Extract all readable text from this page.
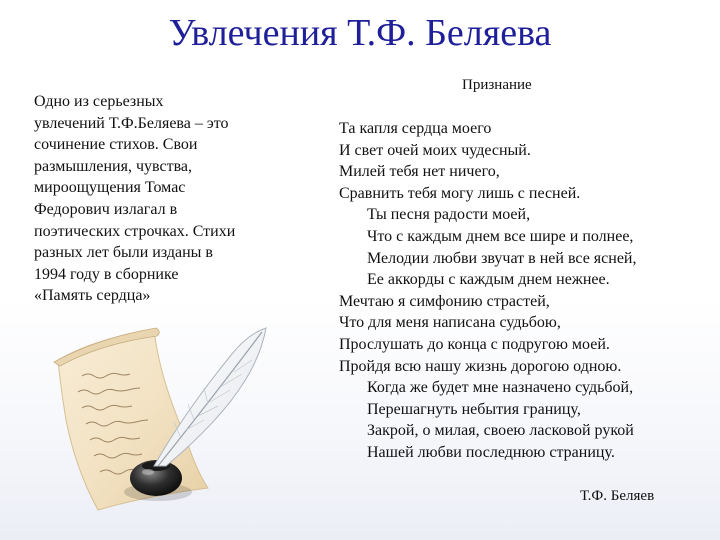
Увлечения Т.Ф. Беляева
Одно из серьезных
увлечений Т.Ф.Беляева – это
сочинение стихов. Свои
размышления, чувства,
мироощущения Томас
Федорович излагал в
поэтических строчках. Стихи
разных лет были изданы в
1994 году в сборнике
«Память сердца»
Признание
Та капля сердца моего
И свет очей моих чудесный.
Милей тебя нет ничего,
Сравнить тебя могу лишь с песней.
Ты песня радости моей,
Что с каждым днем все шире и полнее,
Мелодии любви звучат в ней все ясней,
Ее аккорды с каждым днем нежнее.
Мечтаю я симфонию страстей,
Что для меня написана судьбою,
Прослушать до конца с подругою моей.
Пройдя всю нашу жизнь дорогою одною.
Когда же будет мне назначено судьбой,
Перешагнуть небытия границу,
Закрой, о милая, своею ласковой рукой
Нашей любви последнюю страницу.
Т.Ф. Беляев
